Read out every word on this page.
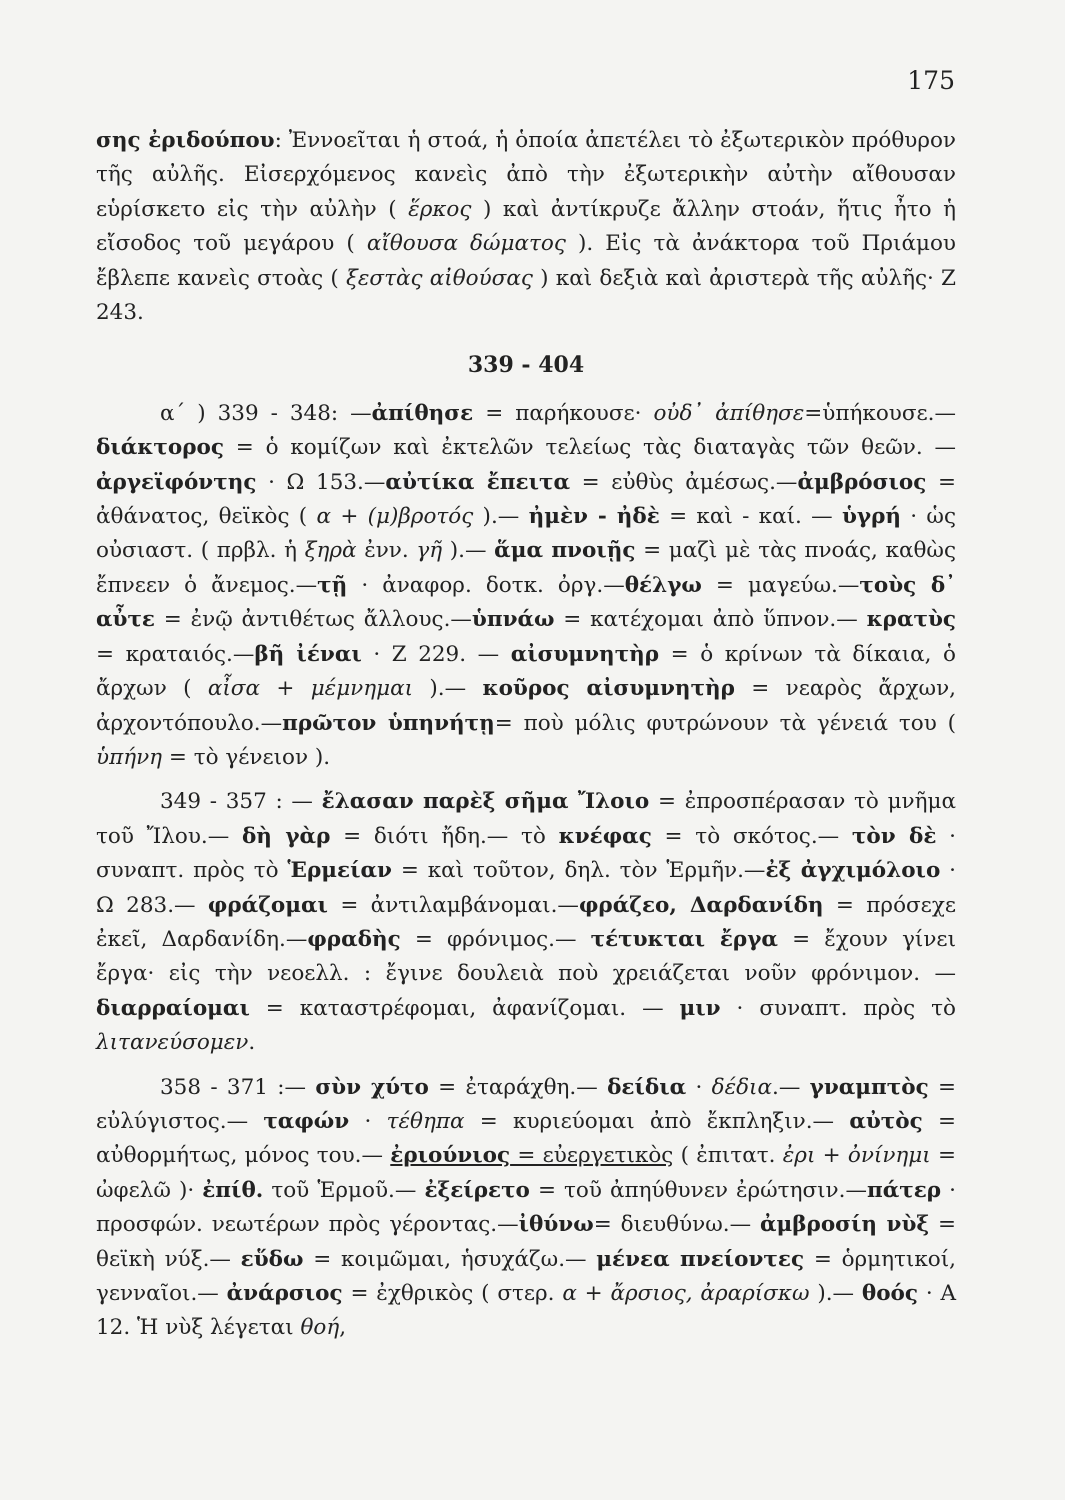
175

σης ἐριδούπου: Ἐννοεῖται ἡ στοά, ἡ ὁποία ἀπετέλει τὸ ἐξωτερικὸν πρόθυρον τῆς αὐλῆς. Εἰσερχόμενος κανεὶς ἀπὸ τὴν ἐξωτερικὴν αὐτὴν αἴθουσαν εὑρίσκετο εἰς τὴν αὐλὴν ( ἕρκος ) καὶ ἀντίκρυζε ἄλλην στοάν, ἥτις ἦτο ἡ εἴσοδος τοῦ μεγάρου ( αἴθουσα δώματος ). Εἰς τὰ ἀνάκτορα τοῦ Πριάμου ἔβλεπε κανεὶς στοὰς ( ξεστὰς αἰθούσας ) καὶ δεξιὰ καὶ ἀριστερὰ τῆς αὐλῆς· Ζ 243.

339 - 404

α΄ ) 339 - 348: —ἀπίθησε = παρήκουσε· οὐδ᾽ ἀπίθησε=ὑπήκουσε.— διάκτορος = ὁ κομίζων καὶ ἐκτελῶν τελείως τὰς διαταγὰς τῶν θεῶν. — ἀργεϊφόντης · Ω 153.—αὐτίκα ἔπειτα = εὐθὺς ἀμέσως.—ἀμβρόσιος = ἀθάνατος, θεϊκὸς ( α + (μ)βροτός ).— ἠμὲν - ἠδὲ = καὶ - καί. — ὑγρή · ὡς οὐσιαστ. ( πρβλ. ἡ ξηρὰ ἐνν. γῆ ).— ἅμα πνοιῇς = μαζὶ μὲ τὰς πνοάς, καθὼς ἔπνεεν ὁ ἄνεμος.—τῇ · ἀναφορ. δοτκ. ὀργ.—θέλγω = μαγεύω.—τοὺς δ᾽ αὖτε = ἐνῷ ἀντιθέτως ἄλλους.—ὑπνάω = κατέχομαι ἀπὸ ὕπνον.— κρατὺς = κραταιός.—βῆ ἰέναι · Ζ 229. — αἰσυμνητὴρ = ὁ κρίνων τὰ δίκαια, ὁ ἄρχων ( αἶσα + μέμνημαι ).— κοῦρος αἰσυμνητὴρ = νεαρὸς ἄρχων, ἀρχοντόπουλο.—πρῶτον ὑπηνήτῃ= ποὺ μόλις φυτρώνουν τὰ γένειά του ( ὑπήνη = τὸ γένειον ).

349 - 357 : — ἔλασαν παρὲξ σῆμα Ἴλοιο = ἐπροσπέρασαν τὸ μνῆμα τοῦ Ἴλου.— δὴ γὰρ = διότι ἤδη.— τὸ κνέφας = τὸ σκότος.— τὸν δὲ · συναπτ. πρὸς τὸ Ἑρμείαν = καὶ τοῦτον, δηλ. τὸν Ἑρμῆν.—ἐξ ἀγχιμόλοιο · Ω 283.— φράζομαι = ἀντιλαμβάνομαι.—φράζεο, Δαρδανίδη = πρόσεχε ἐκεῖ, Δαρδανίδη.—φραδὴς = φρόνιμος.— τέτυκται ἔργα = ἔχουν γίνει ἔργα· εἰς τὴν νεοελλ. : ἔγινε δουλειὰ ποὺ χρειάζεται νοῦν φρόνιμον. — διαρραίομαι = καταστρέφομαι, ἀφανίζομαι. — μιν · συναπτ. πρὸς τὸ λιτανεύσομεν.

358 - 371 :— σὺν χύτο = ἐταράχθη.— δείδια · δέδια.— γναμπτὸς = εὐλύγιστος.— ταφών · τέθηπα = κυριεύομαι ἀπὸ ἔκπληξιν.— αὐτὸς = αὐθορμήτως, μόνος του.— ἐριούνιος = εὐεργετικὸς ( ἐπιτατ. ἐρι + ὀνίνημι = ὠφελῶ )· ἐπίθ. τοῦ Ἑρμοῦ.— ἐξείρετο = τοῦ ἀπηύθυνεν ἐρώτησιν.—πάτερ · προσφών. νεωτέρων πρὸς γέροντας.—ἰθύνω= διευθύνω.— ἀμβροσίη νὺξ = θεϊκὴ νύξ.— εὕδω = κοιμῶμαι, ἡσυχάζω.— μένεα πνείοντες = ὁρμητικοί, γενναῖοι.— ἀνάρσιος = ἐχθρικὸς ( στερ. α + ἄρσιος, ἀραρίσκω ).— θοός · Α 12. Ἡ νὺξ λέγεται θοή,
